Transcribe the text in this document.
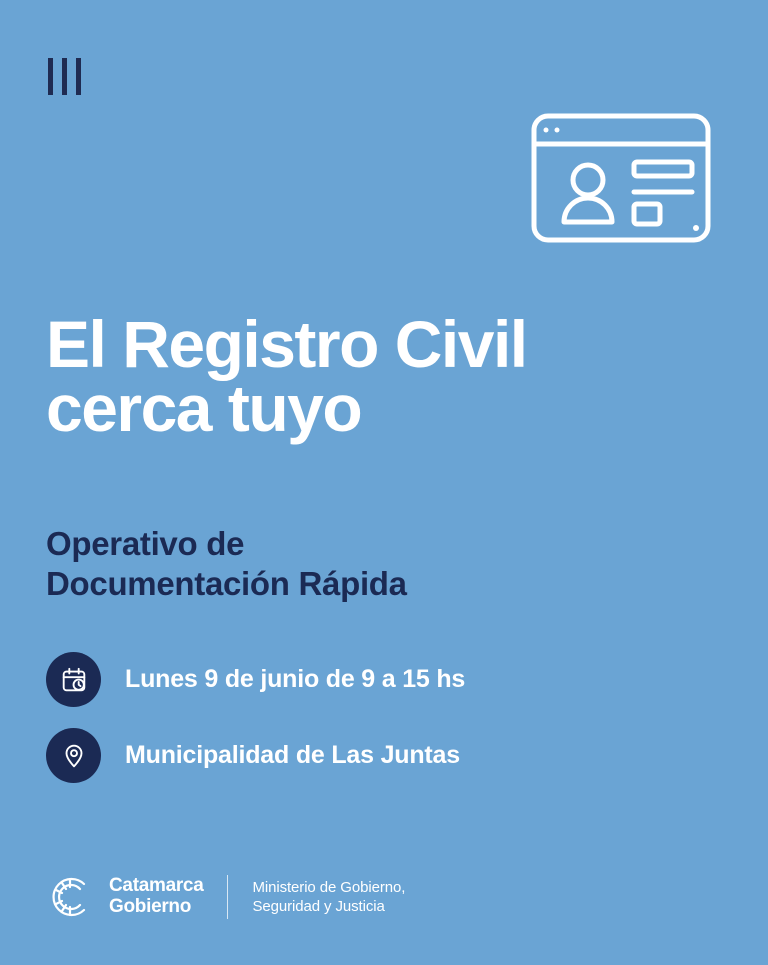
El Registro Civil
cerca tuyo
Operativo de
Documentación Rápida
Lunes 9 de junio de 9 a 15 hs
Municipalidad de Las Juntas
Catamarca
Gobierno
Ministerio de Gobierno,
Seguridad y Justicia
